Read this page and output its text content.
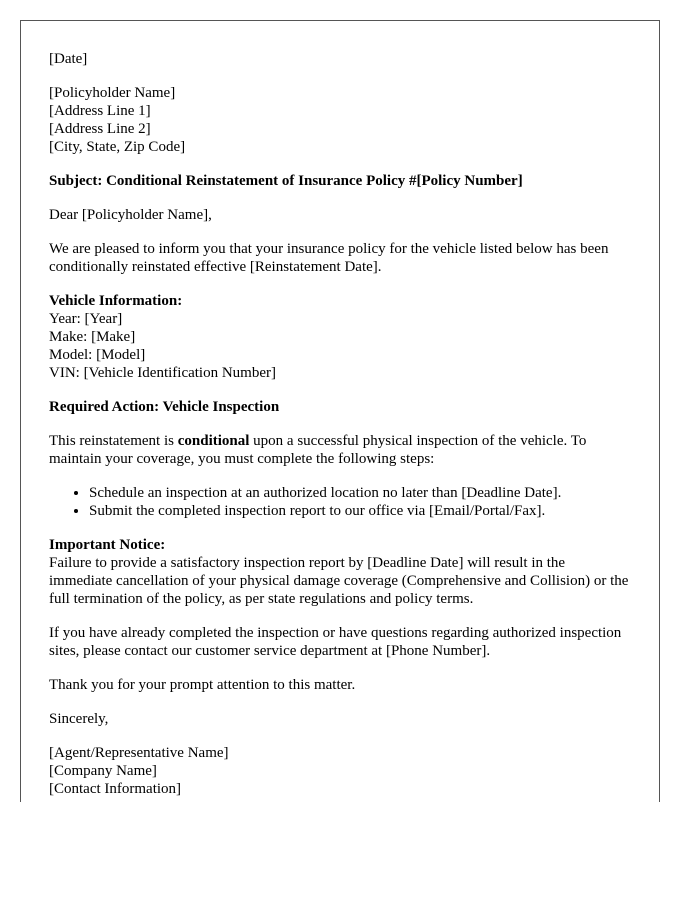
[Date]
[Policyholder Name]
[Address Line 1]
[Address Line 2]
[City, State, Zip Code]

Subject: Conditional Reinstatement of Insurance Policy #[Policy Number]

Dear [Policyholder Name],

We are pleased to inform you that your insurance policy for the vehicle listed below has been conditionally reinstated effective [Reinstatement Date].

Vehicle Information:
Year: [Year]
Make: [Make]
Model: [Model]
VIN: [Vehicle Identification Number]

Required Action: Vehicle Inspection

This reinstatement is conditional upon a successful physical inspection of the vehicle. To maintain your coverage, you must complete the following steps:

• Schedule an inspection at an authorized location no later than [Deadline Date].
• Submit the completed inspection report to our office via [Email/Portal/Fax].
Important Notice:
Failure to provide a satisfactory inspection report by [Deadline Date] will result in the immediate cancellation of your physical damage coverage (Comprehensive and Collision) or the full termination of the policy, as per state regulations and policy terms.

If you have already completed the inspection or have questions regarding authorized inspection sites, please contact our customer service department at [Phone Number].

Thank you for your prompt attention to this matter.

Sincerely,

[Agent/Representative Name]
[Company Name]
[Contact Information]
